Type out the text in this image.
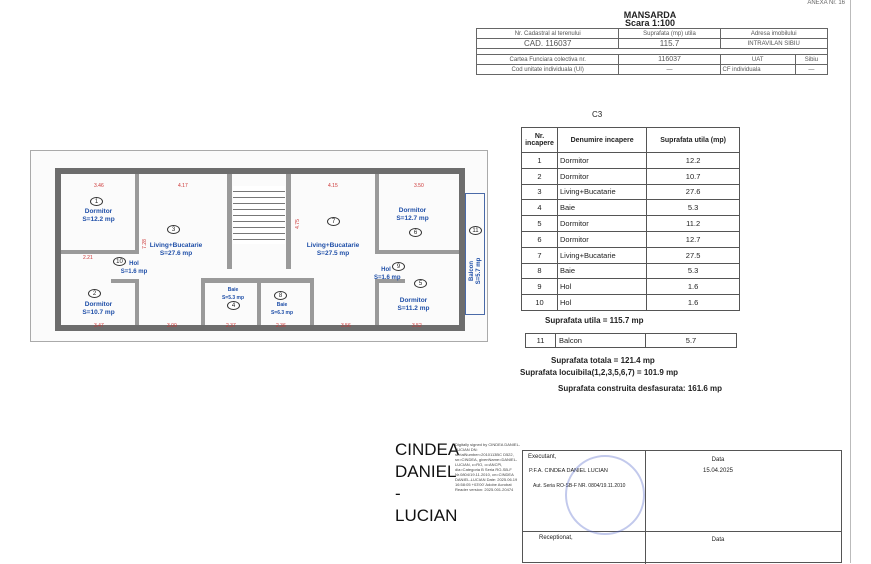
ANEXA Nr. 16
MANSARDA
Scara 1:100
Nr. Cadastral al terenului	Suprafata (mp) utila	Adresa imobilului	
CAD. 116037	115.7	INTRAVILAN SIBIU	

Cartea Funciara colectiva nr.	116037	UAT	Sibiu
Cod unitate individuala (UI)	—	CF individuala	—
C3
Nr. incapere	Denumire incapere	Suprafata utila (mp)
1	Dormitor	12.2
2	Dormitor	10.7
3	Living+Bucatarie	27.6
4	Baie	5.3
5	Dormitor	11.2
6	Dormitor	12.7
7	Living+Bucatarie	27.5
8	Baie	5.3
9	Hol	1.6
10	Hol	1.6
Suprafata utila = 115.7 mp
11	Balcon	5.7
Suprafata totala = 121.4 mp
Suprafata locuibila(1,2,3,5,6,7) = 101.9 mp
Suprafata construita desfasurata: 161.6 mp
1
Dormitor
S=12.2 mp
2
Dormitor
S=10.7 mp
3
Living+Bucatarie
S=27.6 mp
4
Baie
S=5.3 mp
5
Dormitor
S=11.2 mp
6
Dormitor
S=12.7 mp
7
Living+Bucatarie
S=27.5 mp
8
Baie
S=6.3 mp
9
Hol
S=1.6 mp
10	Hol
S=1.6 mp
11
Balcon S=5.7 mp
3.46	4.17	4.15	3.50
3.47	3.00	2.37	2.36	3.56	3.52
2.21
7.28
4.75
CINDEA
DANIEL
-
LUCIAN
Digitally signed by CINDEA DANIEL-LUCIAN DN: serialNumber=2010113BC D522, sn=CINDEA, givenName=DANIEL-LUCIAN, c=RO, o=ANCPI, dia=Categoria B Seria RO-SB-F Nr.0804/19.11.2010, cn=CINDEA DANIEL-LUCIAN Date: 2025.06.19 16:58:05 +03'00' Adobe Acrobat Reader version: 2025.001.20474
Executant,
P.F.A. CINDEA DANIEL LUCIAN
Aut. Seria RO-SB-F NR. 0804/19.11.2010
Data
15.04.2025
Receptionat,	Data
